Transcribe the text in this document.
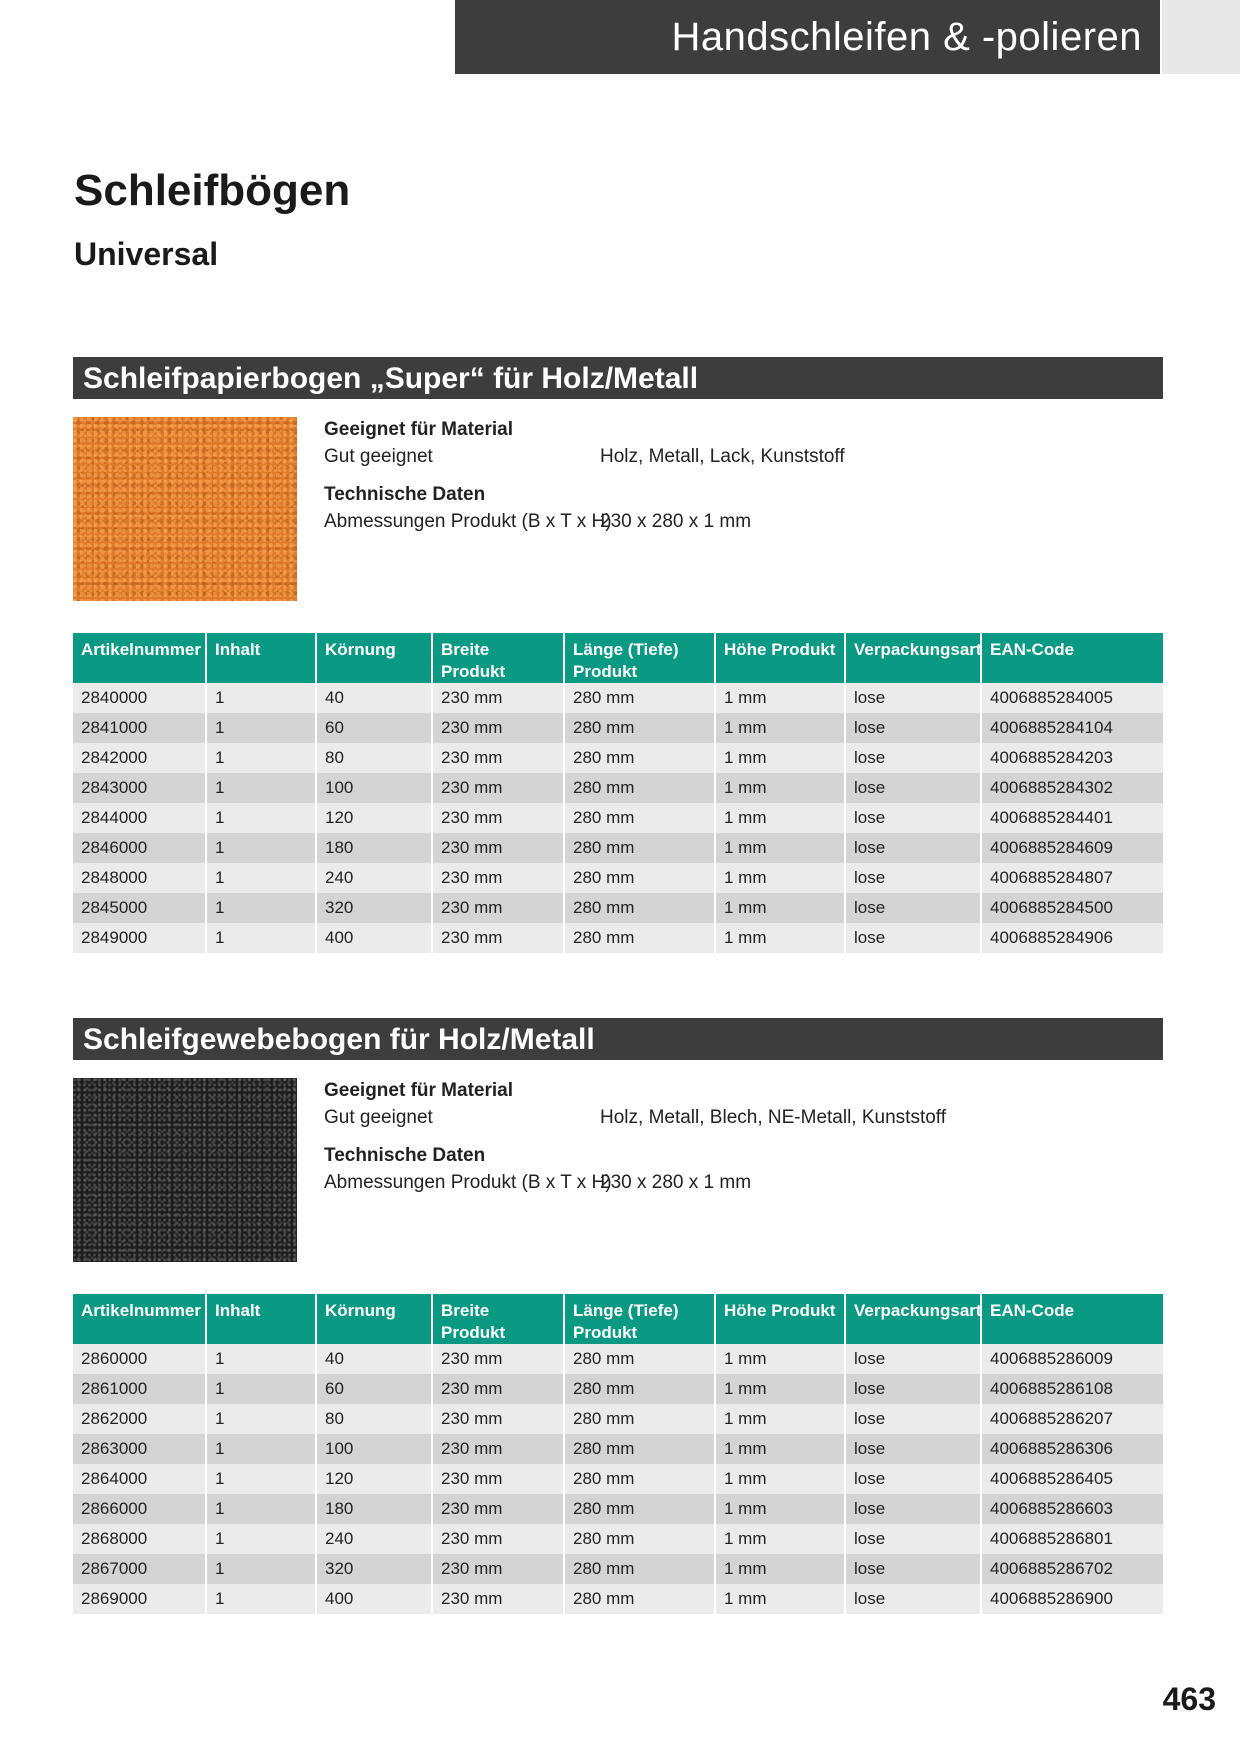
Handschleifen & -polieren
Schleifbögen
Universal
Schleifpapierbogen „Super“ für Holz/Metall
Geeignet für Material
Gut geeignet	Holz, Metall, Lack, Kunststoff
Technische Daten
Abmessungen Produkt (B x T x H)
230 x 280 x 1 mm
Artikelnummer	Inhalt	Körnung	Breite Produkt	Länge (Tiefe) Produkt	Höhe Produkt	Verpackungsart	EAN-Code
2840000	1	40	230 mm	280 mm	1 mm	lose	4006885284005
2841000	1	60	230 mm	280 mm	1 mm	lose	4006885284104
2842000	1	80	230 mm	280 mm	1 mm	lose	4006885284203
2843000	1	100	230 mm	280 mm	1 mm	lose	4006885284302
2844000	1	120	230 mm	280 mm	1 mm	lose	4006885284401
2846000	1	180	230 mm	280 mm	1 mm	lose	4006885284609
2848000	1	240	230 mm	280 mm	1 mm	lose	4006885284807
2845000	1	320	230 mm	280 mm	1 mm	lose	4006885284500
2849000	1	400	230 mm	280 mm	1 mm	lose	4006885284906
Schleifgewebebogen für Holz/Metall
Geeignet für Material
Gut geeignet	Holz, Metall, Blech, NE-Metall, Kunststoff
Technische Daten
Abmessungen Produkt (B x T x H)
230 x 280 x 1 mm
Artikelnummer	Inhalt	Körnung	Breite Produkt	Länge (Tiefe) Produkt	Höhe Produkt	Verpackungsart	EAN-Code
2860000	1	40	230 mm	280 mm	1 mm	lose	4006885286009
2861000	1	60	230 mm	280 mm	1 mm	lose	4006885286108
2862000	1	80	230 mm	280 mm	1 mm	lose	4006885286207
2863000	1	100	230 mm	280 mm	1 mm	lose	4006885286306
2864000	1	120	230 mm	280 mm	1 mm	lose	4006885286405
2866000	1	180	230 mm	280 mm	1 mm	lose	4006885286603
2868000	1	240	230 mm	280 mm	1 mm	lose	4006885286801
2867000	1	320	230 mm	280 mm	1 mm	lose	4006885286702
2869000	1	400	230 mm	280 mm	1 mm	lose	4006885286900
463
